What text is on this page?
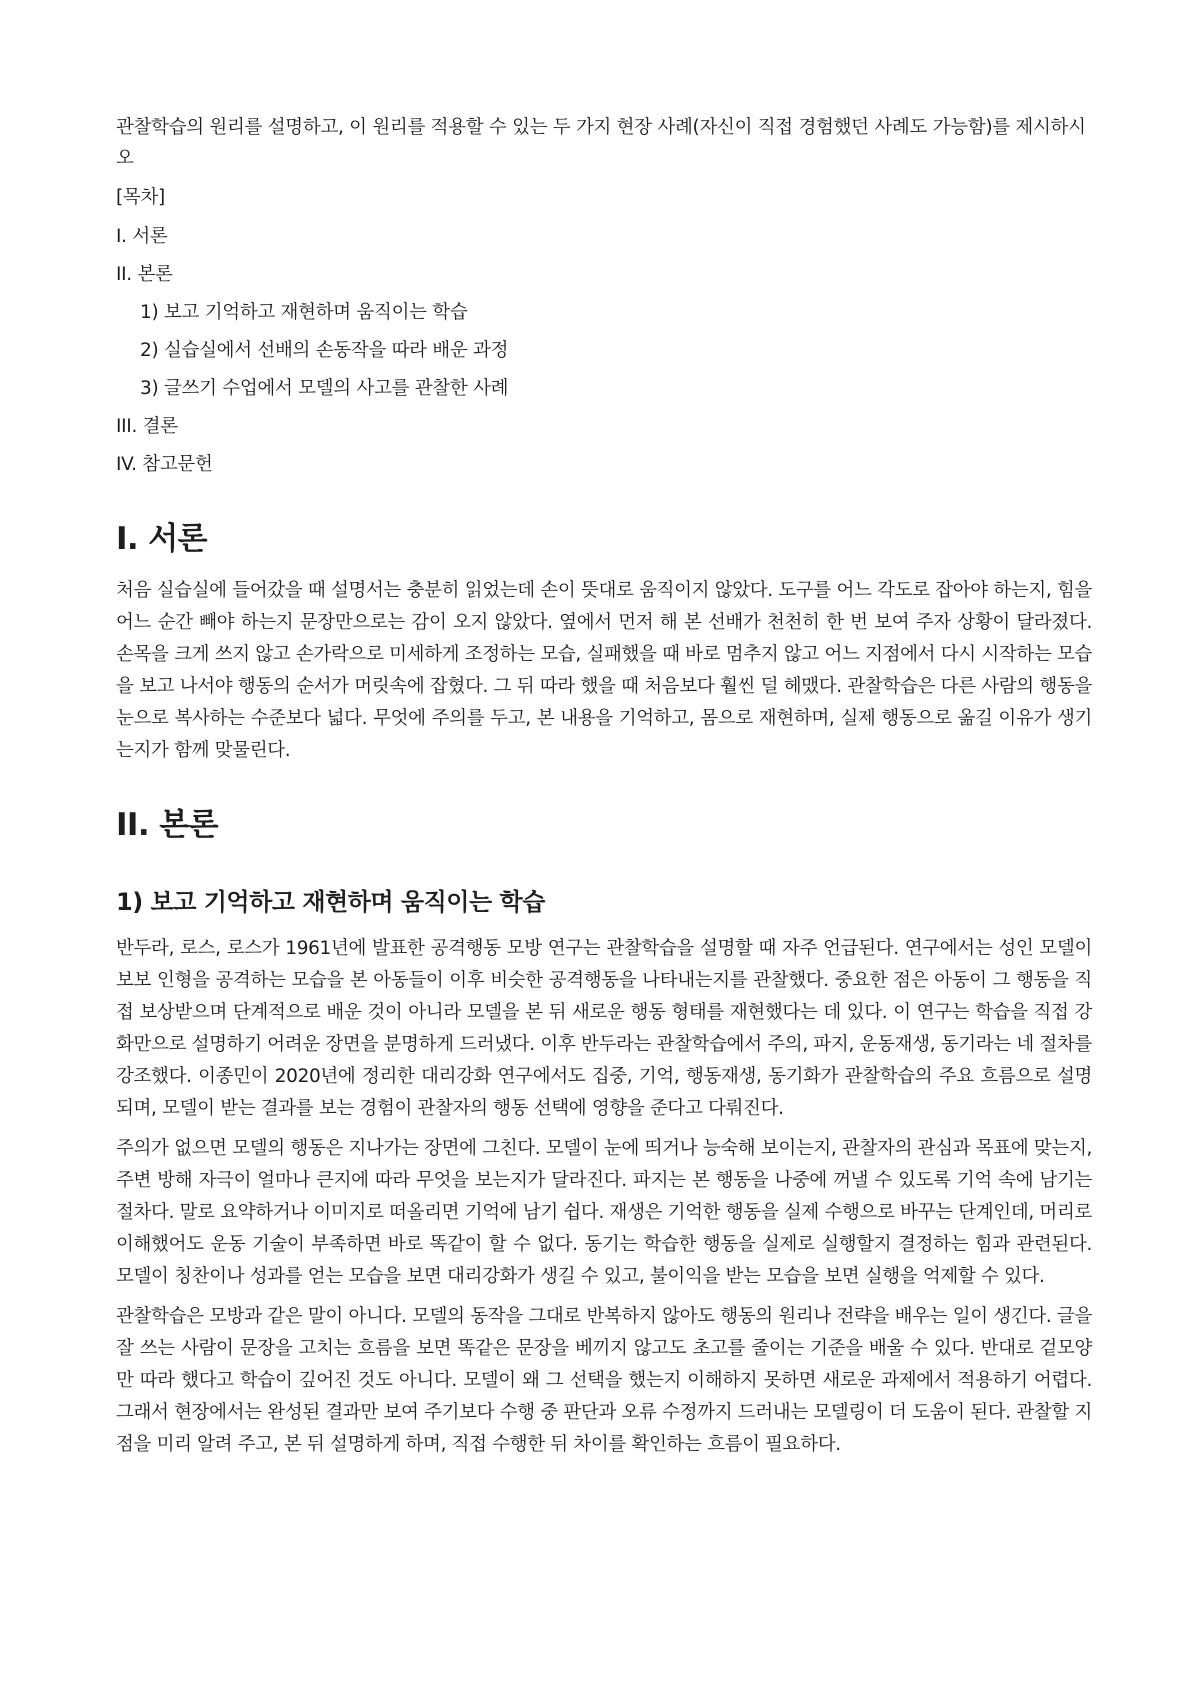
관찰학습의 원리를 설명하고, 이 원리를 적용할 수 있는 두 가지 현장 사례(자신이 직접 경험했던 사례도 가능함)를 제시하시오

[목차]
I. 서론
II. 본론
1) 보고 기억하고 재현하며 움직이는 학습
2) 실습실에서 선배의 손동작을 따라 배운 과정
3) 글쓰기 수업에서 모델의 사고를 관찰한 사례
III. 결론
IV. 참고문헌
I. 서론

처음 실습실에 들어갔을 때 설명서는 충분히 읽었는데 손이 뜻대로 움직이지 않았다. 도구를 어느 각도로 잡아야 하는지, 힘을 어느 순간 빼야 하는지 문장만으로는 감이 오지 않았다. 옆에서 먼저 해 본 선배가 천천히 한 번 보여 주자 상황이 달라졌다. 손목을 크게 쓰지 않고 손가락으로 미세하게 조정하는 모습, 실패했을 때 바로 멈추지 않고 어느 지점에서 다시 시작하는 모습을 보고 나서야 행동의 순서가 머릿속에 잡혔다. 그 뒤 따라 했을 때 처음보다 훨씬 덜 헤맸다. 관찰학습은 다른 사람의 행동을 눈으로 복사하는 수준보다 넓다. 무엇에 주의를 두고, 본 내용을 기억하고, 몸으로 재현하며, 실제 행동으로 옮길 이유가 생기는지가 함께 맞물린다.

II. 본론
1) 보고 기억하고 재현하며 움직이는 학습

반두라, 로스, 로스가 1961년에 발표한 공격행동 모방 연구는 관찰학습을 설명할 때 자주 언급된다. 연구에서는 성인 모델이 보보 인형을 공격하는 모습을 본 아동들이 이후 비슷한 공격행동을 나타내는지를 관찰했다. 중요한 점은 아동이 그 행동을 직접 보상받으며 단계적으로 배운 것이 아니라 모델을 본 뒤 새로운 행동 형태를 재현했다는 데 있다. 이 연구는 학습을 직접 강화만으로 설명하기 어려운 장면을 분명하게 드러냈다. 이후 반두라는 관찰학습에서 주의, 파지, 운동재생, 동기라는 네 절차를 강조했다. 이종민이 2020년에 정리한 대리강화 연구에서도 집중, 기억, 행동재생, 동기화가 관찰학습의 주요 흐름으로 설명되며, 모델이 받는 결과를 보는 경험이 관찰자의 행동 선택에 영향을 준다고 다뤄진다.

주의가 없으면 모델의 행동은 지나가는 장면에 그친다. 모델이 눈에 띄거나 능숙해 보이는지, 관찰자의 관심과 목표에 맞는지, 주변 방해 자극이 얼마나 큰지에 따라 무엇을 보는지가 달라진다. 파지는 본 행동을 나중에 꺼낼 수 있도록 기억 속에 남기는 절차다. 말로 요약하거나 이미지로 떠올리면 기억에 남기 쉽다. 재생은 기억한 행동을 실제 수행으로 바꾸는 단계인데, 머리로 이해했어도 운동 기술이 부족하면 바로 똑같이 할 수 없다. 동기는 학습한 행동을 실제로 실행할지 결정하는 힘과 관련된다. 모델이 칭찬이나 성과를 얻는 모습을 보면 대리강화가 생길 수 있고, 불이익을 받는 모습을 보면 실행을 억제할 수 있다.

관찰학습은 모방과 같은 말이 아니다. 모델의 동작을 그대로 반복하지 않아도 행동의 원리나 전략을 배우는 일이 생긴다. 글을 잘 쓰는 사람이 문장을 고치는 흐름을 보면 똑같은 문장을 베끼지 않고도 초고를 줄이는 기준을 배울 수 있다. 반대로 겉모양만 따라 했다고 학습이 깊어진 것도 아니다. 모델이 왜 그 선택을 했는지 이해하지 못하면 새로운 과제에서 적용하기 어렵다. 그래서 현장에서는 완성된 결과만 보여 주기보다 수행 중 판단과 오류 수정까지 드러내는 모델링이 더 도움이 된다. 관찰할 지점을 미리 알려 주고, 본 뒤 설명하게 하며, 직접 수행한 뒤 차이를 확인하는 흐름이 필요하다.
